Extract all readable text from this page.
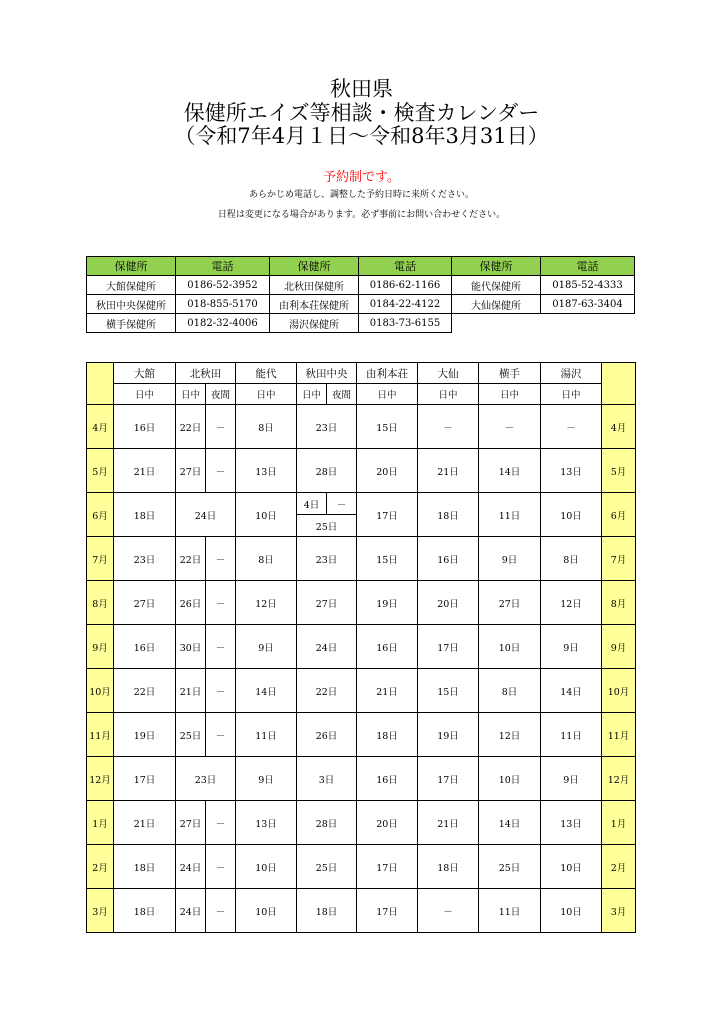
秋田県
保健所エイズ等相談・検査カレンダー
（令和7年4月１日～令和8年3月31日）
予約制です。
あらかじめ電話し、調整した予約日時に来所ください。
日程は変更になる場合があります。必ず事前にお問い合わせください。
保健所	電話	保健所	電話	保健所	電話
大館保健所	0186-52-3952	北秋田保健所	0186-62-1166	能代保健所	0185-52-4333
秋田中央保健所	018-855-5170	由利本荘保健所	0184-22-4122	大仙保健所	0187-63-3404
横手保健所	0182-32-4006	湯沢保健所	0183-73-6155		
	大館	北秋田		能代	秋田中央		由利本荘	大仙	横手	湯沢	
	日中	日中	夜間	日中	日中	夜間	日中	日中	日中	日中	
4月	16日	22日	－	8日	23日		15日	－	－	－	4月
5月	21日	27日	－	13日	28日		20日	21日	14日	13日	5月
6月	18日	24日		10日	4日	－	17日	18日	11日	10日	6月
					25日						
7月	23日	22日	－	8日	23日		15日	16日	9日	8日	7月
8月	27日	26日	－	12日	27日		19日	20日	27日	12日	8月
9月	16日	30日	－	9日	24日		16日	17日	10日	9日	9月
10月	22日	21日	－	14日	22日		21日	15日	8日	14日	10月
11月	19日	25日	－	11日	26日		18日	19日	12日	11日	11月
12月	17日	23日		9日	3日		16日	17日	10日	9日	12月
1月	21日	27日	－	13日	28日		20日	21日	14日	13日	1月
2月	18日	24日	－	10日	25日		17日	18日	25日	10日	2月
3月	18日	24日	－	10日	18日		17日	－	11日	10日	3月
